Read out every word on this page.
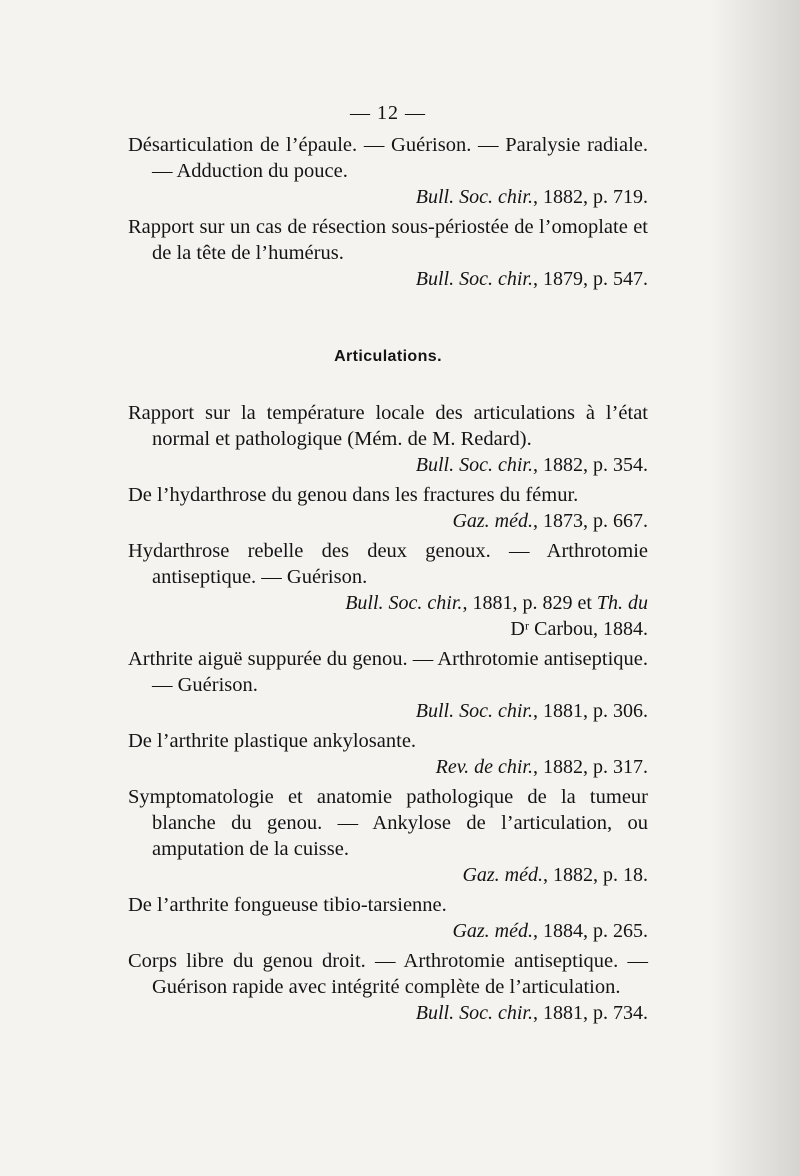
— 12 —
Désarticulation de l’épaule. — Guérison. — Paralysie radiale. — Adduction du pouce.
Bull. Soc. chir., 1882, p. 719.
Rapport sur un cas de résection sous-périostée de l’omoplate et de la tête de l’humérus.
Bull. Soc. chir., 1879, p. 547.
Articulations.
Rapport sur la température locale des articulations à l’état normal et pathologique (Mém. de M. Redard).
Bull. Soc. chir., 1882, p. 354.
De l’hydarthrose du genou dans les fractures du fémur.
Gaz. méd., 1873, p. 667.
Hydarthrose rebelle des deux genoux. — Arthrotomie antiseptique. — Guérison.
Bull. Soc. chir., 1881, p. 829 et Th. du
Dʳ Carbou, 1884.
Arthrite aiguë suppurée du genou. — Arthrotomie antiseptique. — Guérison.
Bull. Soc. chir., 1881, p. 306.
De l’arthrite plastique ankylosante.
Rev. de chir., 1882, p. 317.
Symptomatologie et anatomie pathologique de la tumeur blanche du genou. — Ankylose de l’articulation, ou amputation de la cuisse.
Gaz. méd., 1882, p. 18.
De l’arthrite fongueuse tibio-tarsienne.
Gaz. méd., 1884, p. 265.
Corps libre du genou droit. — Arthrotomie antiseptique. — Guérison rapide avec intégrité complète de l’articulation.
Bull. Soc. chir., 1881, p. 734.
